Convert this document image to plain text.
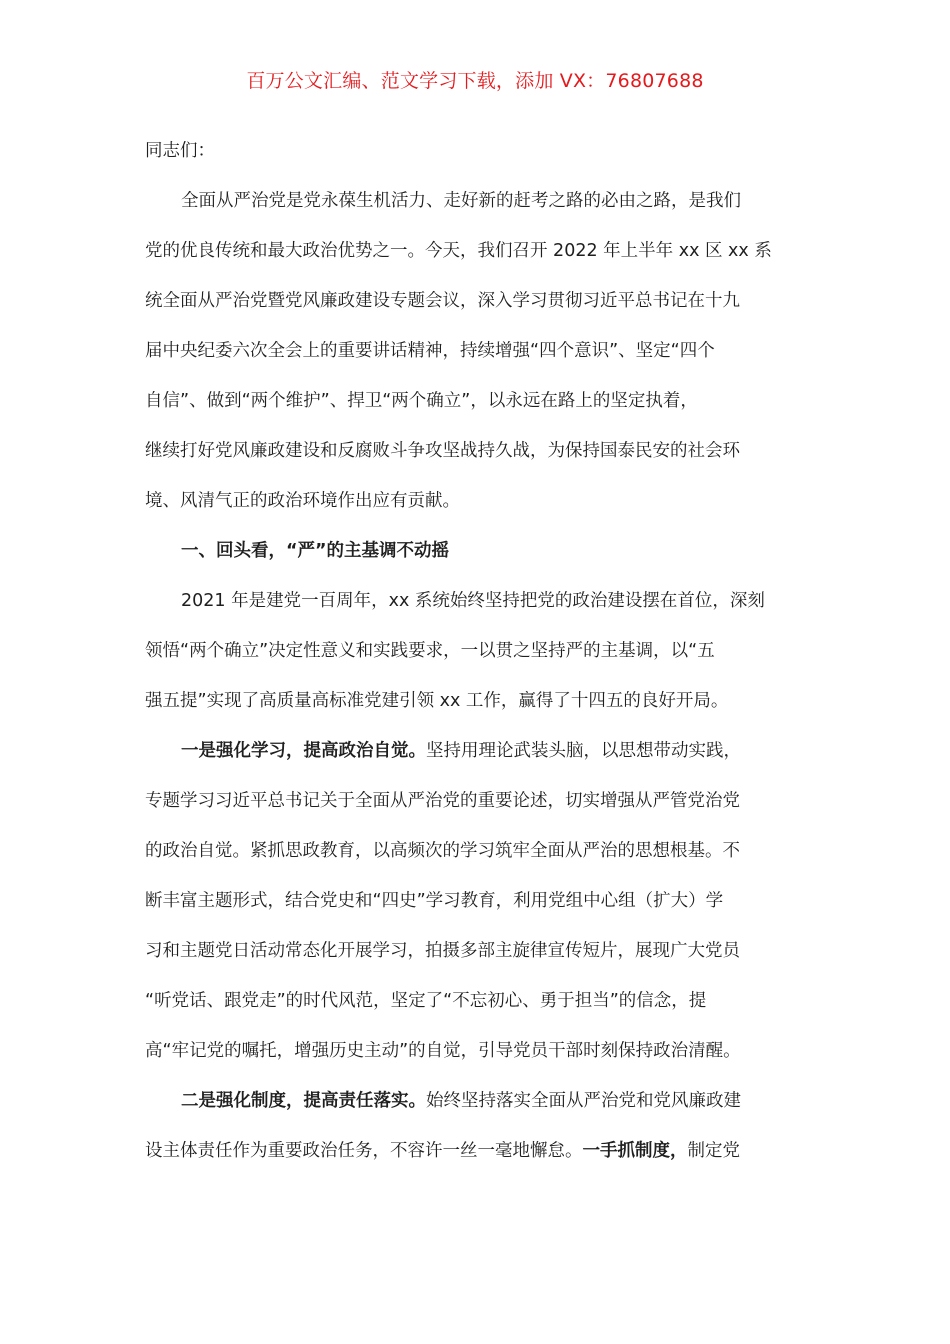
百万公文汇编、范文学习下载，添加 VX：76807688
同志们：
全面从严治党是党永葆生机活力、走好新的赶考之路的必由之路，是我们
党的优良传统和最大政治优势之一。今天，我们召开 2022 年上半年 xx 区 xx 系
统全面从严治党暨党风廉政建设专题会议，深入学习贯彻习近平总书记在十九
届中央纪委六次全会上的重要讲话精神，持续增强“四个意识”、坚定“四个
自信”、做到“两个维护”、捍卫“两个确立”，以永远在路上的坚定执着，
继续打好党风廉政建设和反腐败斗争攻坚战持久战，为保持国泰民安的社会环
境、风清气正的政治环境作出应有贡献。
一、回头看，“严”的主基调不动摇
2021 年是建党一百周年，xx 系统始终坚持把党的政治建设摆在首位，深刻
领悟“两个确立”决定性意义和实践要求，一以贯之坚持严的主基调，以“五
强五提”实现了高质量高标准党建引领 xx 工作，赢得了十四五的良好开局。
一是强化学习，提高政治自觉。坚持用理论武装头脑，以思想带动实践，
专题学习习近平总书记关于全面从严治党的重要论述，切实增强从严管党治党
的政治自觉。紧抓思政教育，以高频次的学习筑牢全面从严治的思想根基。不
断丰富主题形式，结合党史和“四史”学习教育，利用党组中心组（扩大）学
习和主题党日活动常态化开展学习，拍摄多部主旋律宣传短片，展现广大党员
“听党话、跟党走”的时代风范，坚定了“不忘初心、勇于担当”的信念，提
高“牢记党的嘱托，增强历史主动”的自觉，引导党员干部时刻保持政治清醒。
二是强化制度，提高责任落实。始终坚持落实全面从严治党和党风廉政建
设主体责任作为重要政治任务，不容许一丝一毫地懈怠。一手抓制度，制定党
